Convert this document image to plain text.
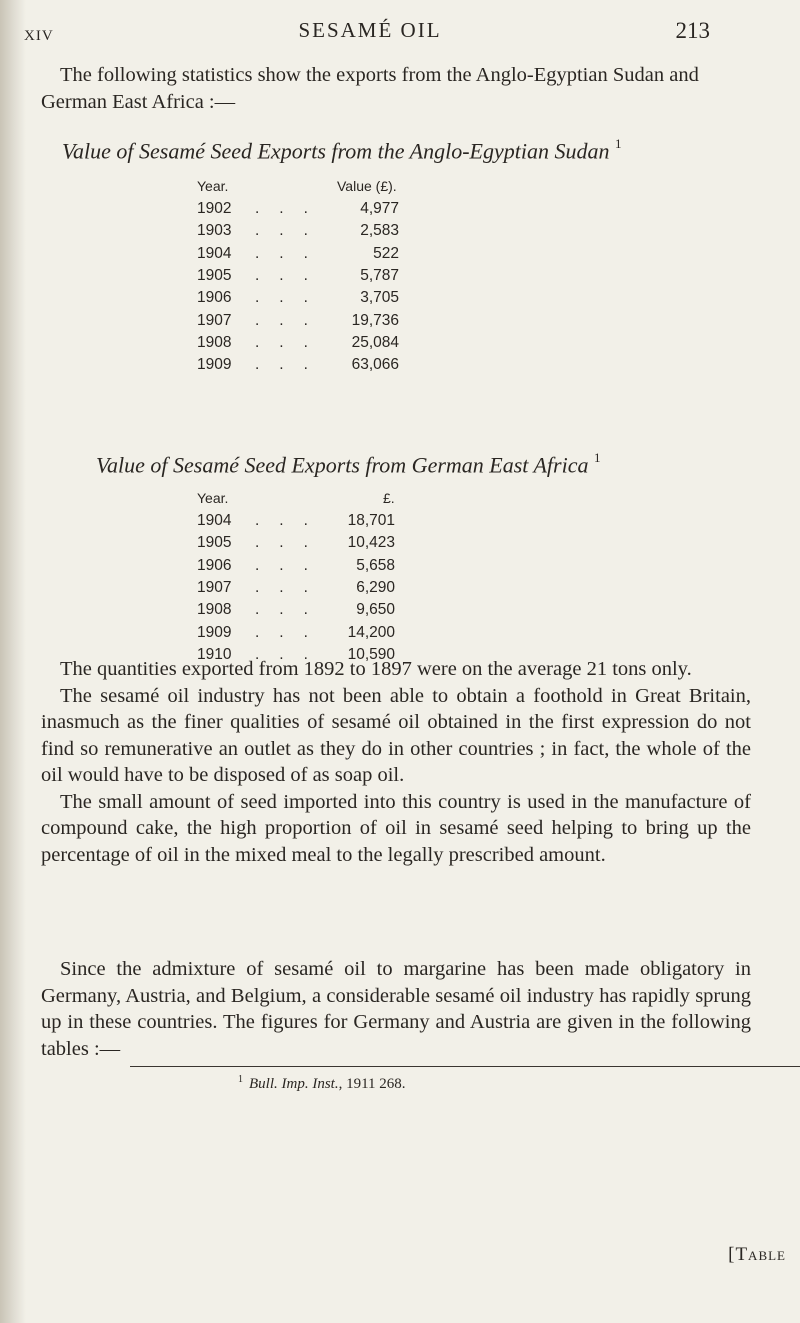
XIV	SESAMÉ OIL	213
The following statistics show the exports from the Anglo-Egyptian Sudan and German East Africa :—
Value of Sesamé Seed Exports from the Anglo-Egyptian Sudan $^1$
Year.	Value (£).
1902 ...	4,977
1903 ...	2,583
1904 ...	522
1905 ...	5,787
1906 ...	3,705
1907 ...	19,736
1908 ...	25,084
1909 ...	63,066
Value of Sesamé Seed Exports from German East Africa $^1$
Year.	£.
1904 ...	18,701
1905 ...	10,423
1906 ...	5,658
1907 ...	6,290
1908 ...	9,650
1909 ...	14,200
1910 ...	10,590

The quantities exported from 1892 to 1897 were on the average 21 tons only.

The sesamé oil industry has not been able to obtain a foothold in Great Britain, inasmuch as the finer qualities of sesamé oil obtained in the first expression do not find so remunerative an outlet as they do in other countries ; in fact, the whole of the oil would have to be disposed of as soap oil.

The small amount of seed imported into this country is used in the manufacture of compound cake, the high proportion of oil in sesamé seed helping to bring up the percentage of oil in the mixed meal to the legally prescribed amount.

Since the admixture of sesamé oil to margarine has been made obligatory in Germany, Austria, and Belgium, a considerable sesamé oil industry has rapidly sprung up in these countries. The figures for Germany and Austria are given in the following tables :—

$^1$ Bull. Imp. Inst., 1911 268.
[Table
